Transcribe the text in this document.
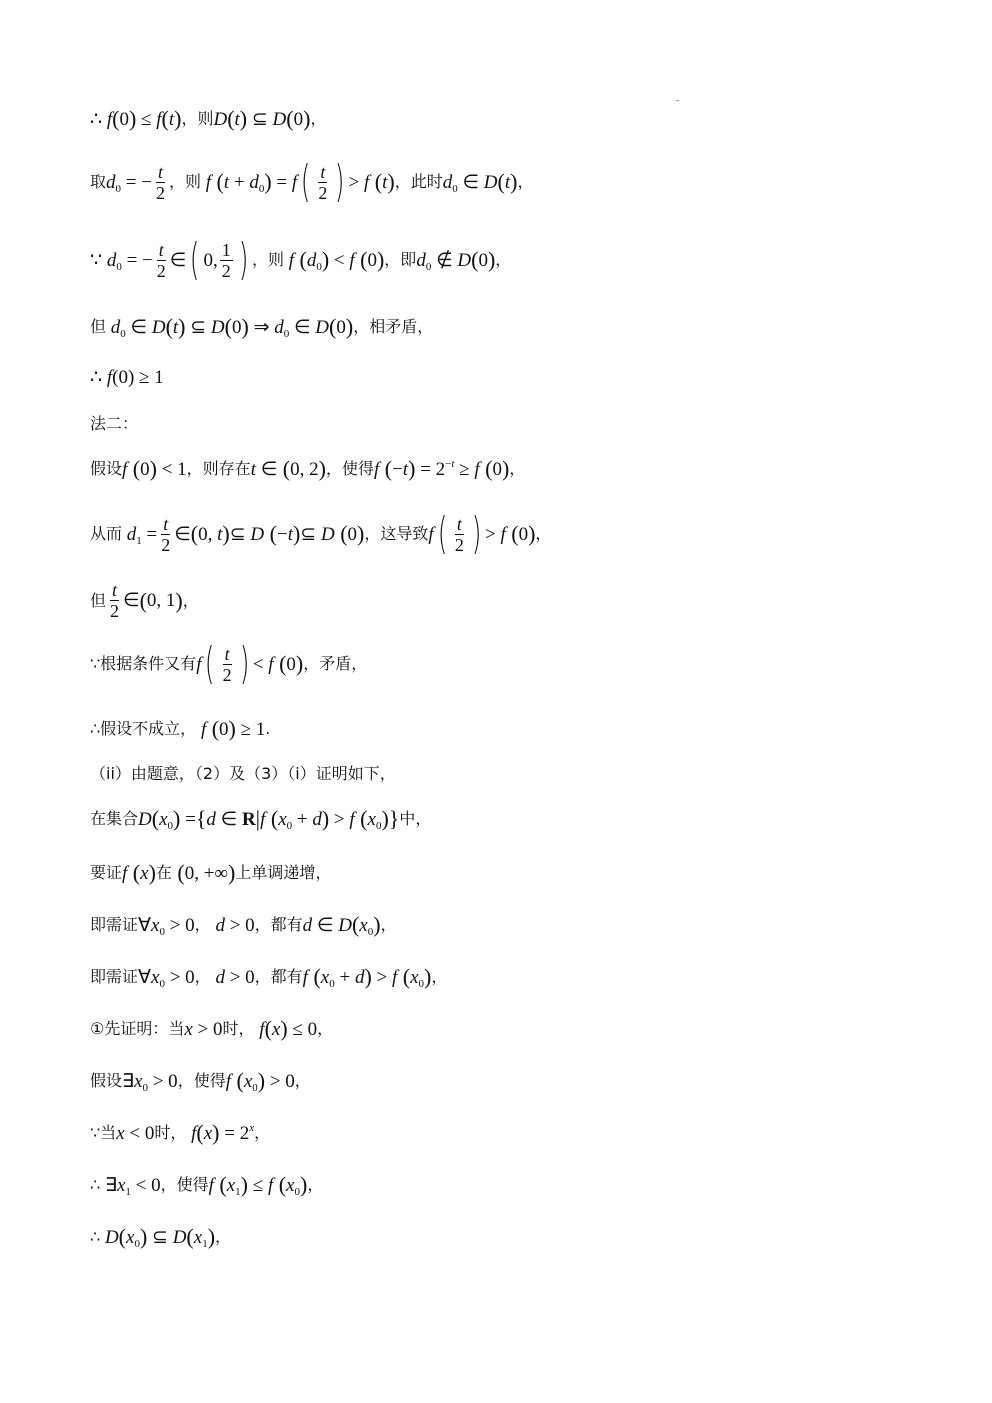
∴ f ( 0 ) ≤ f ( t ) ，则 D ( t ) ⊆ D ( 0 ) ，
取 $d_0$ = − $\frac{t}{2}$ ，则 f ( $t + d_0$ ) = f ( $\frac{t}{2}$ ) > f ( t ) ，此时 $d_0$ ∈ D ( t ) ，
∵ $d_0$ = − $\frac{t}{2}$ ∈ ( 0, $\frac{1}{2}$ ) ，则 f ( $d_0$ ) < f ( 0 ) ，即 $d_0$ ∉ D ( 0 ) ，
但 $d_0$ ∈ D ( t ) ⊆ D ( 0 ) ⇒ $d_0$ ∈ D ( 0 ) ，相矛盾，
∴ f(0) ≥ 1
法二：
假设 f ( 0 ) < 1 ，则存在 t ∈ ( 0, 2 ) ，使得 f ( −t ) = $2^{-t} \ge f$ ( 0 ) ，
从而 $d_1 = \frac{t}{2}$ ∈ ( 0, t ) ⊆ D ( −t ) ⊆ D ( 0 ) ，这导致 f ( $\frac{t}{2}$ ) > f ( 0 ) ，
但 $\frac{t}{2}$ ∈ ( 0, 1 ) ，
∵根据条件又有 f ( $\frac{t}{2}$ ) < f ( 0 ) ，矛盾，
∴假设不成立， f ( 0 ) ≥ 1 .
（ii）由题意，（2）及（3）（i）证明如下，
在集合 D ( $x_0$ ) = { d ∈ R | f ( $x_0 + d$ ) > f ( $x_0$ ) } 中，
要证 f ( x ) 在 ( 0, +∞ ) 上单调递增，
即需证 $\forall x_0 > 0$ ， d > 0 ，都有 d ∈ D ( $x_0$ ) ，
即需证 $\forall x_0 > 0$ ， d > 0 ，都有 f ( $x_0 + d$ ) > f ( $x_0$ ) ，
①先证明：当 x > 0 时， f ( x ) ≤ 0 ，
假设 $\exists x_0 > 0$ ，使得 f ( $x_0$ ) > 0 ，
∵当 x < 0 时， f ( x ) = $2^x$ ，
∴ $\exists x_1 < 0$ ，使得 f ( $x_1$ ) ≤ f ( $x_0$ ) ，
∴ D ( $x_0$ ) ⊆ D ( $x_1$ ) ，
